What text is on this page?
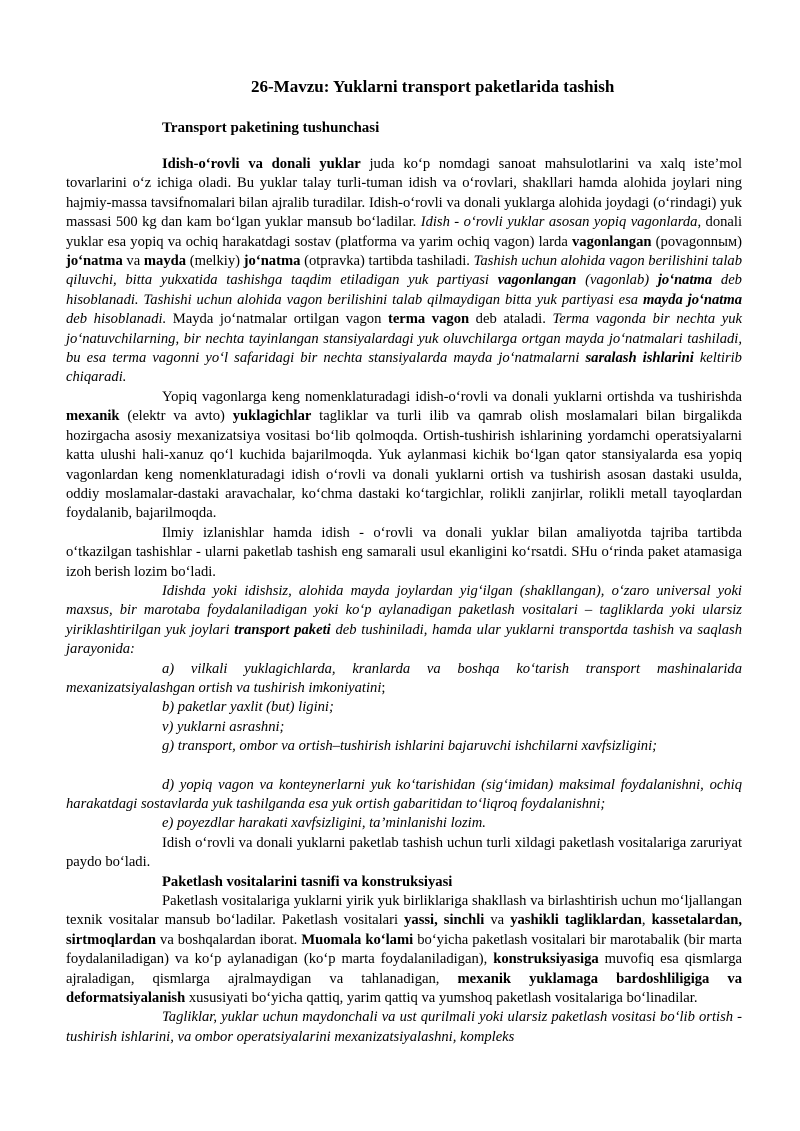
26-Mavzu: Yuklarni transport paketlarida tashish
Transport paketining tushunchasi

Idish-o‘rovli va donali yuklar juda ko‘p nomdagi sanoat mahsulotlarini va xalq iste’mol tovarlarini o‘z ichiga oladi. Bu yuklar talay turli-tuman idish va o‘rovlari, shakllari hamda alohida joylari ning hajmiy-massa tavsifnomalari bilan ajralib turadilar. Idish-o‘rovli va donali yuklarga alohida joydagi (o‘rindagi) yuk massasi 500 kg dan kam bo‘lgan yuklar mansub bo‘ladilar. Idish - o‘rovli yuklar asosan yopiq vagonlarda, donali yuklar esa yopiq va ochiq harakatdagi sostav (platforma va yarim ochiq vagon) larda vagonlangan (povagonnым) jo‘natma va mayda (melkiy) jo‘natma (otpravka) tartibda tashiladi. Tashish uchun alohida vagon berilishini talab qiluvchi, bitta yukxatida tashishga taqdim etiladigan yuk partiyasi vagonlangan (vagonlab) jo‘natma deb hisoblanadi. Tashishi uchun alohida vagon berilishini talab qilmaydigan bitta yuk partiyasi esa mayda jo‘natma deb hisoblanadi. Mayda jo‘natmalar ortilgan vagon terma vagon deb ataladi. Terma vagonda bir nechta yuk jo‘natuvchilarning, bir nechta tayinlangan stansiyalardagi yuk oluvchilarga ortgan mayda jo‘natmalari tashiladi, bu esa terma vagonni yo‘l safaridagi bir nechta stansiyalarda mayda jo‘natmalarni saralash ishlarini keltirib chiqaradi.

Yopiq vagonlarga keng nomenklaturadagi idish-o‘rovli va donali yuklarni ortishda va tushirishda mexanik (elektr va avto) yuklagichlar tagliklar va turli ilib va qamrab olish moslamalari bilan birgalikda hozirgacha asosiy mexanizatsiya vositasi bo‘lib qolmoqda. Ortish-tushirish ishlarining yordamchi operatsiyalarni katta ulushi hali-xanuz qo‘l kuchida bajarilmoqda. Yuk aylanmasi kichik bo‘lgan qator stansiyalarda esa yopiq vagonlardan keng nomenklaturadagi idish o‘rovli va donali yuklarni ortish va tushirish asosan dastaki usulda, oddiy moslamalar-dastaki aravachalar, ko‘chma dastaki ko‘targichlar, rolikli zanjirlar, rolikli metall tayoqlardan foydalanib, bajarilmoqda.

Ilmiy izlanishlar hamda idish - o‘rovli va donali yuklar bilan amaliyotda tajriba tartibda o‘tkazilgan tashishlar - ularni paketlab tashish eng samarali usul ekanligini ko‘rsatdi. SHu o‘rinda paket atamasiga izoh berish lozim bo‘ladi.

Idishda yoki idishsiz, alohida mayda joylardan yig‘ilgan (shakllangan), o‘zaro universal yoki maxsus, bir marotaba foydalaniladigan yoki ko‘p aylanadigan paketlash vositalari – tagliklarda yoki ularsiz yiriklashtirilgan yuk joylari transport paketi deb tushiniladi, hamda ular yuklarni transportda tashish va saqlash jarayonida:

a) vilkali yuklagichlarda, kranlarda va boshqa ko‘tarish transport mashinalarida mexanizatsiyalashgan ortish va tushirish imkoniyatini;

b) paketlar yaxlit (but) ligini;

v) yuklarni asrashni;

g) transport, ombor va ortish–tushirish ishlarini bajaruvchi ishchilarni xavfsizligini;

d) yopiq vagon va konteynerlarni yuk ko‘tarishidan (sig‘imidan) maksimal foydalanishni, ochiq harakatdagi sostavlarda yuk tashilganda esa yuk ortish gabaritidan to‘liqroq foydalanishni;

e) poyezdlar harakati xavfsizligini, ta’minlanishi lozim.

Idish o‘rovli va donali yuklarni paketlab tashish uchun turli xildagi paketlash vositalariga zaruriyat paydo bo‘ladi.

Paketlash vositalarini tasnifi va konstruksiyasi

Paketlash vositalariga yuklarni yirik yuk birliklariga shakllash va birlashtirish uchun mo‘ljallangan texnik vositalar mansub bo‘ladilar. Paketlash vositalari yassi, sinchli va yashikli tagliklardan, kassetalardan, sirtmoqlardan va boshqalardan iborat. Muomala ko‘lami bo‘yicha paketlash vositalari bir marotabalik (bir marta foydalaniladigan) va ko‘p aylanadigan (ko‘p marta foydalaniladigan), konstruksiyasiga muvofiq esa qismlarga ajraladigan, qismlarga ajralmaydigan va tahlanadigan, mexanik yuklamaga bardoshliligiga va deformatsiyalanish xususiyati bo‘yicha qattiq, yarim qattiq va yumshoq paketlash vositalariga bo‘linadilar.

Tagliklar, yuklar uchun maydonchali va ust qurilmali yoki ularsiz paketlash vositasi bo‘lib ortish - tushirish ishlarini, va ombor operatsiyalarini mexanizatsiyalashni, kompleks
